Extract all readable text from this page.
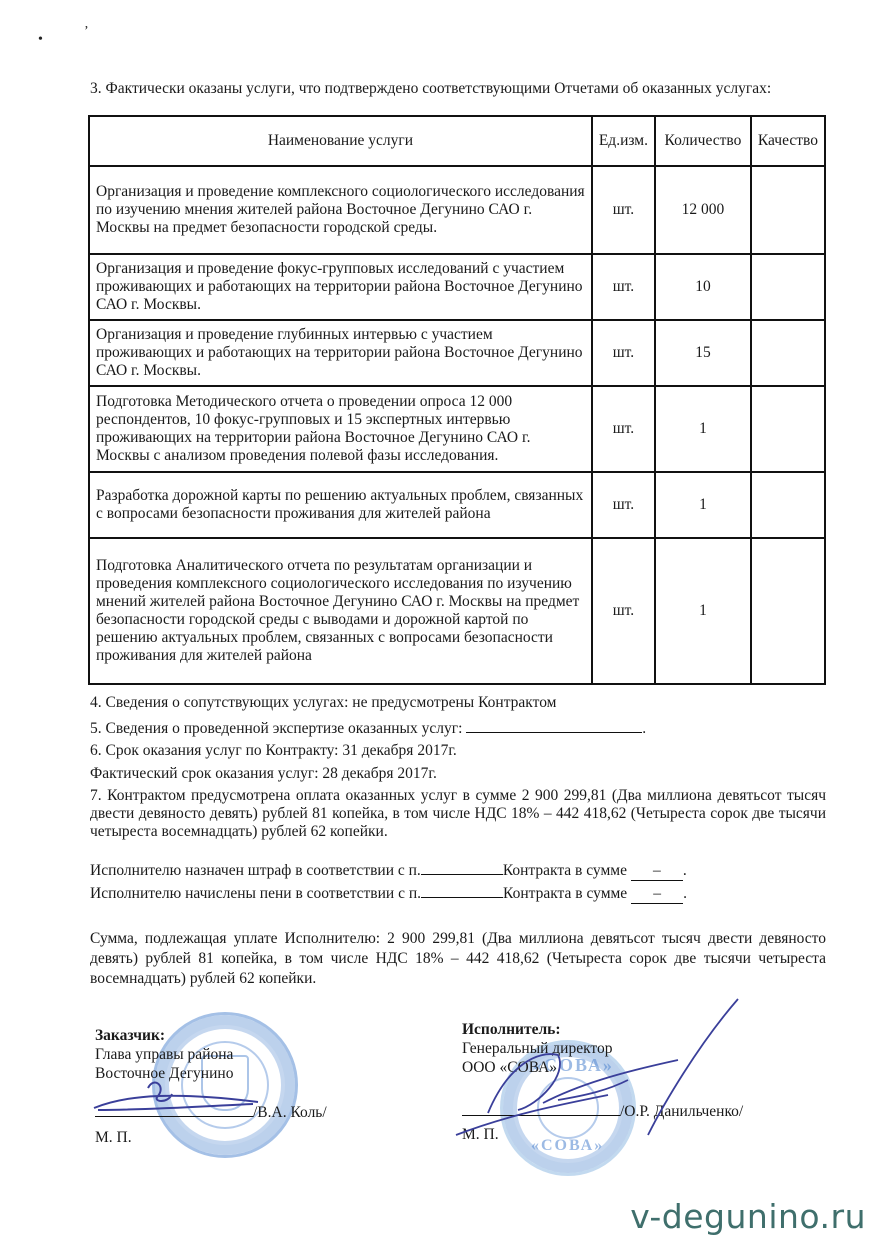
•
’
3. Фактически оказаны услуги, что подтверждено соответствующими Отчетами об оказанных услугах:
Наименование услуги	Ед.изм.	Количество	Качество
Организация и проведение комплексного социологического исследования по изучению мнения жителей района Восточное Дегунино САО г. Москвы на предмет безопасности городской среды.	шт.	12 000	
Организация и проведение фокус-групповых исследований с участием проживающих и работающих на территории района Восточное Дегунино САО г. Москвы.	шт.	10	
Организация и проведение глубинных интервью с участием проживающих и работающих на территории района Восточное Дегунино САО г. Москвы.	шт.	15	
Подготовка Методического отчета о проведении опроса 12 000 респондентов, 10 фокус-групповых и 15 экспертных интервью проживающих на территории района Восточное Дегунино САО г. Москвы с анализом проведения полевой фазы исследования.	шт.	1	
Разработка дорожной карты по решению актуальных проблем, связанных с вопросами безопасности проживания для жителей района	шт.	1	
Подготовка Аналитического отчета по результатам организации и проведения комплексного социологического исследования по изучению мнений жителей района Восточное Дегунино САО г. Москвы на предмет безопасности городской среды с выводами и дорожной картой по решению актуальных проблем, связанных с вопросами безопасности проживания для жителей района	шт.	1	
4. Сведения о сопутствующих услугах: не предусмотрены Контрактом
5. Сведения о проведенной экспертизе оказанных услуг:	.
6. Срок оказания услуг по Контракту: 31 декабря 2017г.
Фактический срок оказания услуг: 28 декабря 2017г.
7. Контрактом предусмотрена оплата оказанных услуг в сумме 2 900 299,81 (Два миллиона девятьсот тысяч двести девяносто девять) рублей 81 копейка, в том числе НДС 18% – 442 418,62 (Четыреста сорок две тысячи четыреста восемнадцать) рублей 62 копейки.
Исполнителю назначен штраф в соответствии с п.	Контракта в сумме – .
Исполнителю начислены пени в соответствии с п.	Контракта в сумме – .
Сумма, подлежащая уплате Исполнителю: 2 900 299,81 (Два миллиона девятьсот тысяч двести девяносто девять) рублей 81 копейка, в том числе НДС 18% – 442 418,62 (Четыреста сорок две тысячи четыреста восемнадцать) рублей 62 копейки.
«СОВА»
«СОВА»
Заказчик:
Глава управы района
Восточное Дегунино
/В.А. Коль/
М. П.
Исполнитель:
Генеральный директор
ООО «СОВА»
/О.Р. Данильченко/
М. П.
v-degunino.ru
